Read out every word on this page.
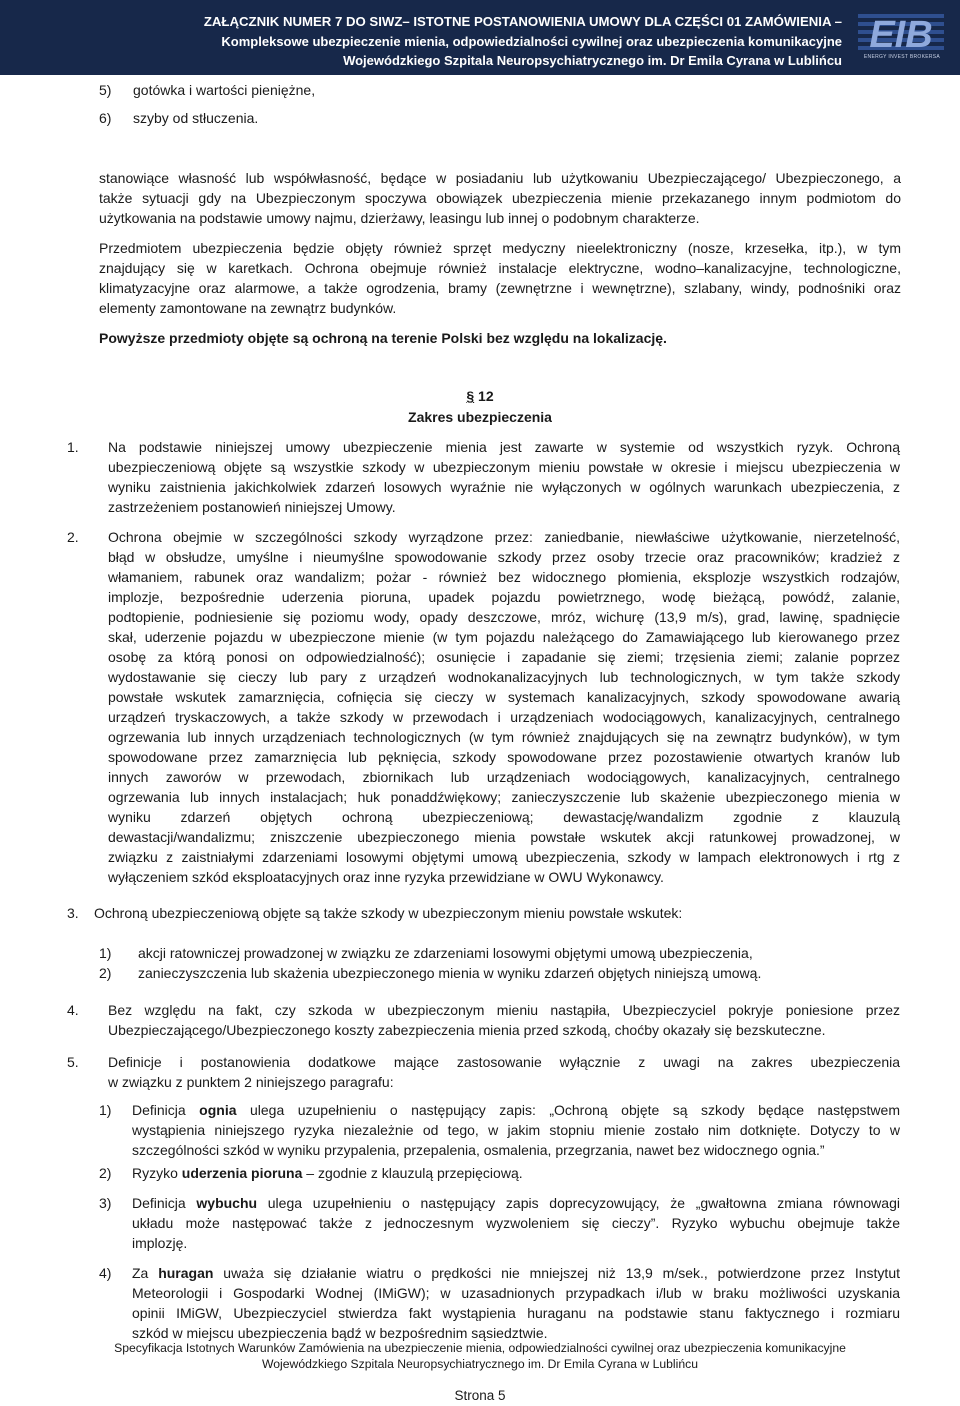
ZAŁĄCZNIK NUMER 7 DO SIWZ– ISTOTNE POSTANOWIENIA UMOWY DLA CZĘŚCI 01 ZAMÓWIENIA –
Kompleksowe ubezpieczenie mienia, odpowiedzialności cywilnej oraz ubezpieczenia komunikacyjne
Wojewódzkiego Szpitala Neuropsychiatrycznego im. Dr Emila Cyrana w Lublińcu
EIB
ENERGY INVEST BROKERSA
5) gotówka i wartości pieniężne,
6) szyby od stłuczenia.
stanowiące własność lub współwłasność, będące w posiadaniu lub użytkowaniu Ubezpieczającego/ Ubezpieczonego, a
także sytuacji gdy na Ubezpieczonym spoczywa obowiązek ubezpieczenia mienie przekazanego innym podmiotom do
użytkowania na podstawie umowy najmu, dzierżawy, leasingu lub innej o podobnym charakterze.
Przedmiotem ubezpieczenia będzie objęty również sprzęt medyczny nieelektroniczny (nosze, krzesełka, itp.), w tym
znajdujący się w karetkach. Ochrona obejmuje również instalacje elektryczne, wodno–kanalizacyjne, technologiczne,
klimatyzacyjne oraz alarmowe, a także ogrodzenia, bramy (zewnętrzne i wewnętrzne), szlabany, windy, podnośniki oraz
elementy zamontowane na zewnątrz budynków.
Powyższe przedmioty objęte są ochroną na terenie Polski bez względu na lokalizację.
§ 12
Zakres ubezpieczenia
1. Na podstawie niniejszej umowy ubezpieczenie mienia jest zawarte w systemie od wszystkich ryzyk. Ochroną
ubezpieczeniową objęte są wszystkie szkody w ubezpieczonym mieniu powstałe w okresie i miejscu ubezpieczenia w
wyniku zaistnienia jakichkolwiek zdarzeń losowych wyraźnie nie wyłączonych w ogólnych warunkach ubezpieczenia, z
zastrzeżeniem postanowień niniejszej Umowy.
2. Ochrona obejmie w szczególności szkody wyrządzone przez: zaniedbanie, niewłaściwe użytkowanie, nierzetelność,
błąd w obsłudze, umyślne i nieumyślne spowodowanie szkody przez osoby trzecie oraz pracowników; kradzież z
włamaniem, rabunek oraz wandalizm; pożar - również bez widocznego płomienia, eksplozje wszystkich rodzajów,
implozje, bezpośrednie uderzenia pioruna, upadek pojazdu powietrznego, wodę bieżącą, powódź, zalanie,
podtopienie, podniesienie się poziomu wody, opady deszczowe, mróz, wichurę (13,9 m/s), grad, lawinę, spadnięcie
skał, uderzenie pojazdu w ubezpieczone mienie (w tym pojazdu należącego do Zamawiającego lub kierowanego przez
osobę za którą ponosi on odpowiedzialność); osunięcie i zapadanie się ziemi; trzęsienia ziemi; zalanie poprzez
wydostawanie się cieczy lub pary z urządzeń wodnokanalizacyjnych lub technologicznych, w tym także szkody
powstałe wskutek zamarznięcia, cofnięcia się cieczy w systemach kanalizacyjnych, szkody spowodowane awarią
urządzeń tryskaczowych, a także szkody w przewodach i urządzeniach wodociągowych, kanalizacyjnych, centralnego
ogrzewania lub innych urządzeniach technologicznych (w tym również znajdujących się na zewnątrz budynków), w tym
spowodowane przez zamarznięcia lub pęknięcia, szkody spowodowane przez pozostawienie otwartych kranów lub
innych zaworów w przewodach, zbiornikach lub urządzeniach wodociągowych, kanalizacyjnych, centralnego
ogrzewania lub innych instalacjach; huk ponaddźwiękowy; zanieczyszczenie lub skażenie ubezpieczonego mienia w
wyniku zdarzeń objętych ochroną ubezpieczeniową; dewastację/wandalizm zgodnie z klauzulą
dewastacji/wandalizmu; zniszczenie ubezpieczonego mienia powstałe wskutek akcji ratunkowej prowadzonej, w
związku z zaistniałymi zdarzeniami losowymi objętymi umową ubezpieczenia, szkody w lampach elektronowych i rtg z
wyłączeniem szkód eksploatacyjnych oraz inne ryzyka przewidziane w OWU Wykonawcy.
3. Ochroną ubezpieczeniową objęte są także szkody w ubezpieczonym mieniu powstałe wskutek:
1) akcji ratowniczej prowadzonej w związku ze zdarzeniami losowymi objętymi umową ubezpieczenia,
2) zanieczyszczenia lub skażenia ubezpieczonego mienia w wyniku zdarzeń objętych niniejszą umową.
4. Bez względu na fakt, czy szkoda w ubezpieczonym mieniu nastąpiła, Ubezpieczyciel pokryje poniesione przez
Ubezpieczającego/Ubezpieczonego koszty zabezpieczenia mienia przed szkodą, choćby okazały się bezskuteczne.
5. Definicje i postanowienia dodatkowe mające zastosowanie wyłącznie z uwagi na zakres ubezpieczenia
w związku z punktem 2 niniejszego paragrafu:
1) Definicja ognia ulega uzupełnieniu o następujący zapis: „Ochroną objęte są szkody będące następstwem
wystąpienia niniejszego ryzyka niezależnie od tego, w jakim stopniu mienie zostało nim dotknięte. Dotyczy to w
szczególności szkód w wyniku przypalenia, przepalenia, osmalenia, przegrzania, nawet bez widocznego ognia.”
2) Ryzyko uderzenia pioruna – zgodnie z klauzulą przepięciową.
3) Definicja wybuchu ulega uzupełnieniu o następujący zapis doprecyzowujący, że „gwałtowna zmiana równowagi
układu może następować także z jednoczesnym wyzwoleniem się cieczy”. Ryzyko wybuchu obejmuje także
implozję.
4) Za huragan uważa się działanie wiatru o prędkości nie mniejszej niż 13,9 m/sek., potwierdzone przez Instytut
Meteorologii i Gospodarki Wodnej (IMiGW); w uzasadnionych przypadkach i/lub w braku możliwości uzyskania
opinii IMiGW, Ubezpieczyciel stwierdza fakt wystąpienia huraganu na podstawie stanu faktycznego i rozmiaru
szkód w miejscu ubezpieczenia bądź w bezpośrednim sąsiedztwie.
Specyfikacja Istotnych Warunków Zamówienia na ubezpieczenie mienia, odpowiedzialności cywilnej oraz ubezpieczenia komunikacyjne
Wojewódzkiego Szpitala Neuropsychiatrycznego im. Dr Emila Cyrana w Lublińcu
Strona 5
